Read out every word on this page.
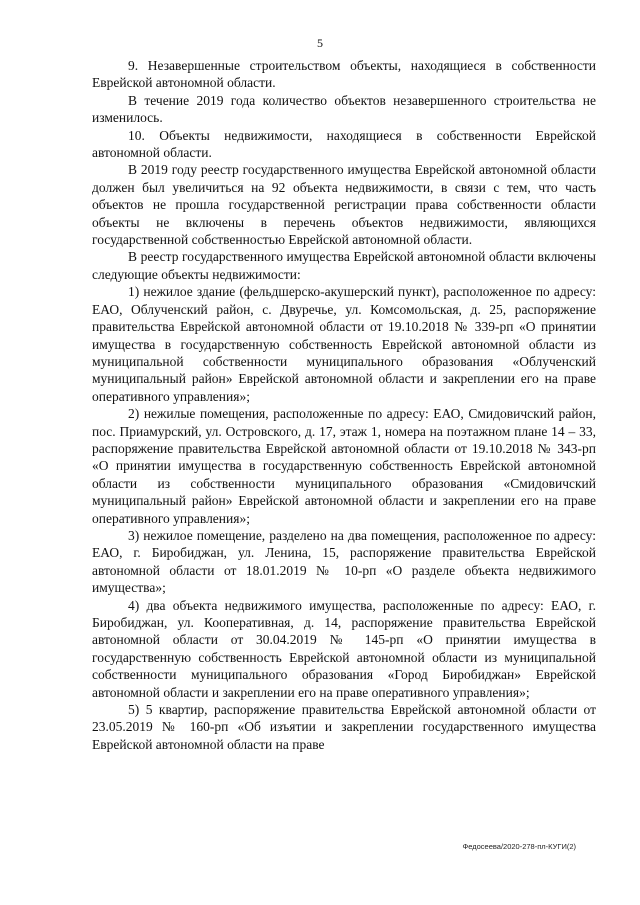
5

9. Незавершенные строительством объекты, находящиеся в собственности Еврейской автономной области.

В течение 2019 года количество объектов незавершенного строительства не изменилось.

10. Объекты недвижимости, находящиеся в собственности Еврейской автономной области.

В 2019 году реестр государственного имущества Еврейской автономной области должен был увеличиться на 92 объекта недвижимости, в связи с тем, что часть объектов не прошла государственной регистрации права собственности области объекты не включены в перечень объектов недвижимости, являющихся государственной собственностью Еврейской автономной области.

В реестр государственного имущества Еврейской автономной области включены следующие объекты недвижимости:

1) нежилое здание (фельдшерско-акушерский пункт), расположенное по адресу: ЕАО, Облученский район, с. Двуречье, ул. Комсомольская, д. 25, распоряжение правительства Еврейской автономной области от 19.10.2018 № 339-рп «О принятии имущества в государственную собственность Еврейской автономной области из муниципальной собственности муниципального образования «Облученский муниципальный район» Еврейской автономной области и закреплении его на праве оперативного управления»;

2) нежилые помещения, расположенные по адресу: ЕАО, Смидовичский район, пос. Приамурский, ул. Островского, д. 17, этаж 1, номера на поэтажном плане 14 – 33, распоряжение правительства Еврейской автономной области от 19.10.2018 № 343-рп «О принятии имущества в государственную собственность Еврейской автономной области из собственности муниципального образования «Смидовичский муниципальный район» Еврейской автономной области и закреплении его на праве оперативного управления»;

3) нежилое помещение, разделено на два помещения, расположенное по адресу: ЕАО, г. Биробиджан, ул. Ленина, 15, распоряжение правительства Еврейской автономной области от 18.01.2019 № 10-рп «О разделе объекта недвижимого имущества»;

4) два объекта недвижимого имущества, расположенные по адресу: ЕАО, г. Биробиджан, ул. Кооперативная, д. 14, распоряжение правительства Еврейской автономной области от 30.04.2019 № 145-рп «О принятии имущества в государственную собственность Еврейской автономной области из муниципальной собственности муниципального образования «Город Биробиджан» Еврейской автономной области и закреплении его на праве оперативного управления»;

5) 5 квартир, распоряжение правительства Еврейской автономной области от 23.05.2019 № 160-рп «Об изъятии и закреплении государственного имущества Еврейской автономной области на праве

Федосеева/2020-278-пл-КУГИ(2)
